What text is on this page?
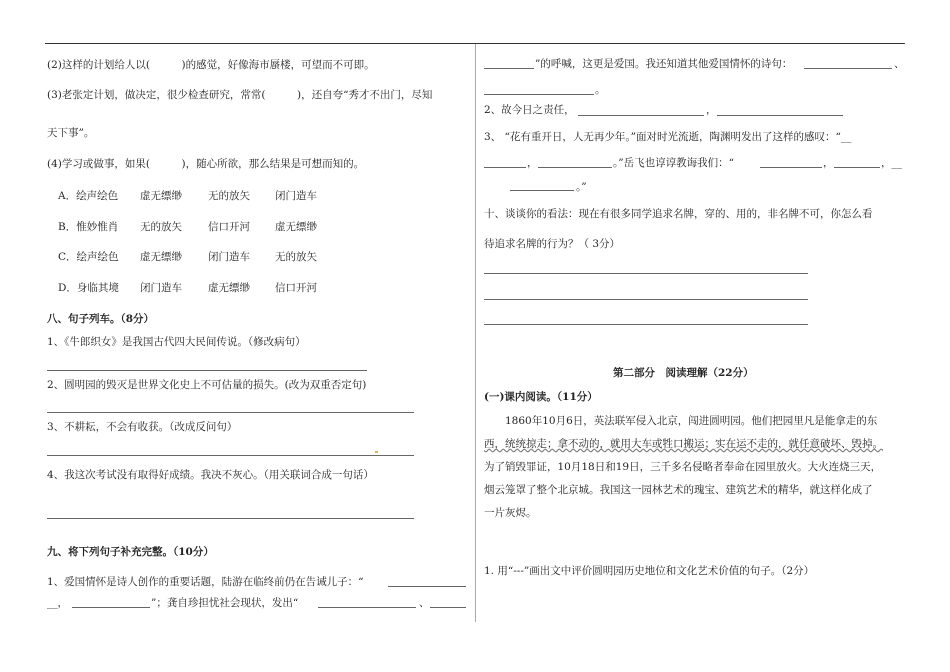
(2)这样的计划给人以(　　　)的感觉，好像海市蜃楼，可望而不可即。
(3)老张定计划，做决定，很少检查研究，常常(　　　)，还自夸“秀才不出门，尽知
天下事”。
(4)学习或做事，如果(　　　)，随心所欲，那么结果是可想而知的。
A．绘声绘色 虚无缥缈 无的放矢 闭门造车
B．惟妙惟肖 无的放矢 信口开河 虚无缥缈
C．绘声绘色 虚无缥缈 闭门造车 无的放矢
D．身临其境 闭门造车 虚无缥缈 信口开河
八、句子列车。（8分）
1、《牛郎织女》是我国古代四大民间传说。（修改病句）
2、圆明园的毁灭是世界文化史上不可估量的损失。(改为双重否定句)
3、不耕耘，不会有收获。（改成反问句）
4、我这次考试没有取得好成绩。我决不灰心。（用关联词合成一句话）
九、将下列句子补充完整。（10分）
1、爱国情怀是诗人创作的重要话题，陆游在临终前仍在告诫儿子：“
__，	”；龚自珍担忧社会现状，发出“	、
”的呼喊，这更是爱国。我还知道其他爱国情怀的诗句：	、
。
2、故今日之责任，	，
3、 “花有重开日，人无再少年。”面对时光流逝，陶渊明发出了这样的感叹：“__
，	。”岳飞也谆谆教诲我们：“	，	，__
。”
十、谈谈你的看法：现在有很多同学追求名牌，穿的、用的，非名牌不可，你怎么看
待追求名牌的行为？（ 3分）
第二部分　阅读理解（22分）
(一)课内阅读。（11分）
1860年10月6日，英法联军侵入北京，闯进圆明园。他们把园里凡是能拿走的东
西，统统掠走；拿不动的，就用大车或牲口搬运；实在运不走的，就任意破坏、毁掉。
为了销毁罪证，10月18日和19日，三千多名侵略者奉命在园里放火。大火连烧三天，
烟云笼罩了整个北京城。我国这一园林艺术的瑰宝、建筑艺术的精华，就这样化成了
一片灰烬。
1. 用“---”画出文中评价圆明园历史地位和文化艺术价值的句子。（2分）
